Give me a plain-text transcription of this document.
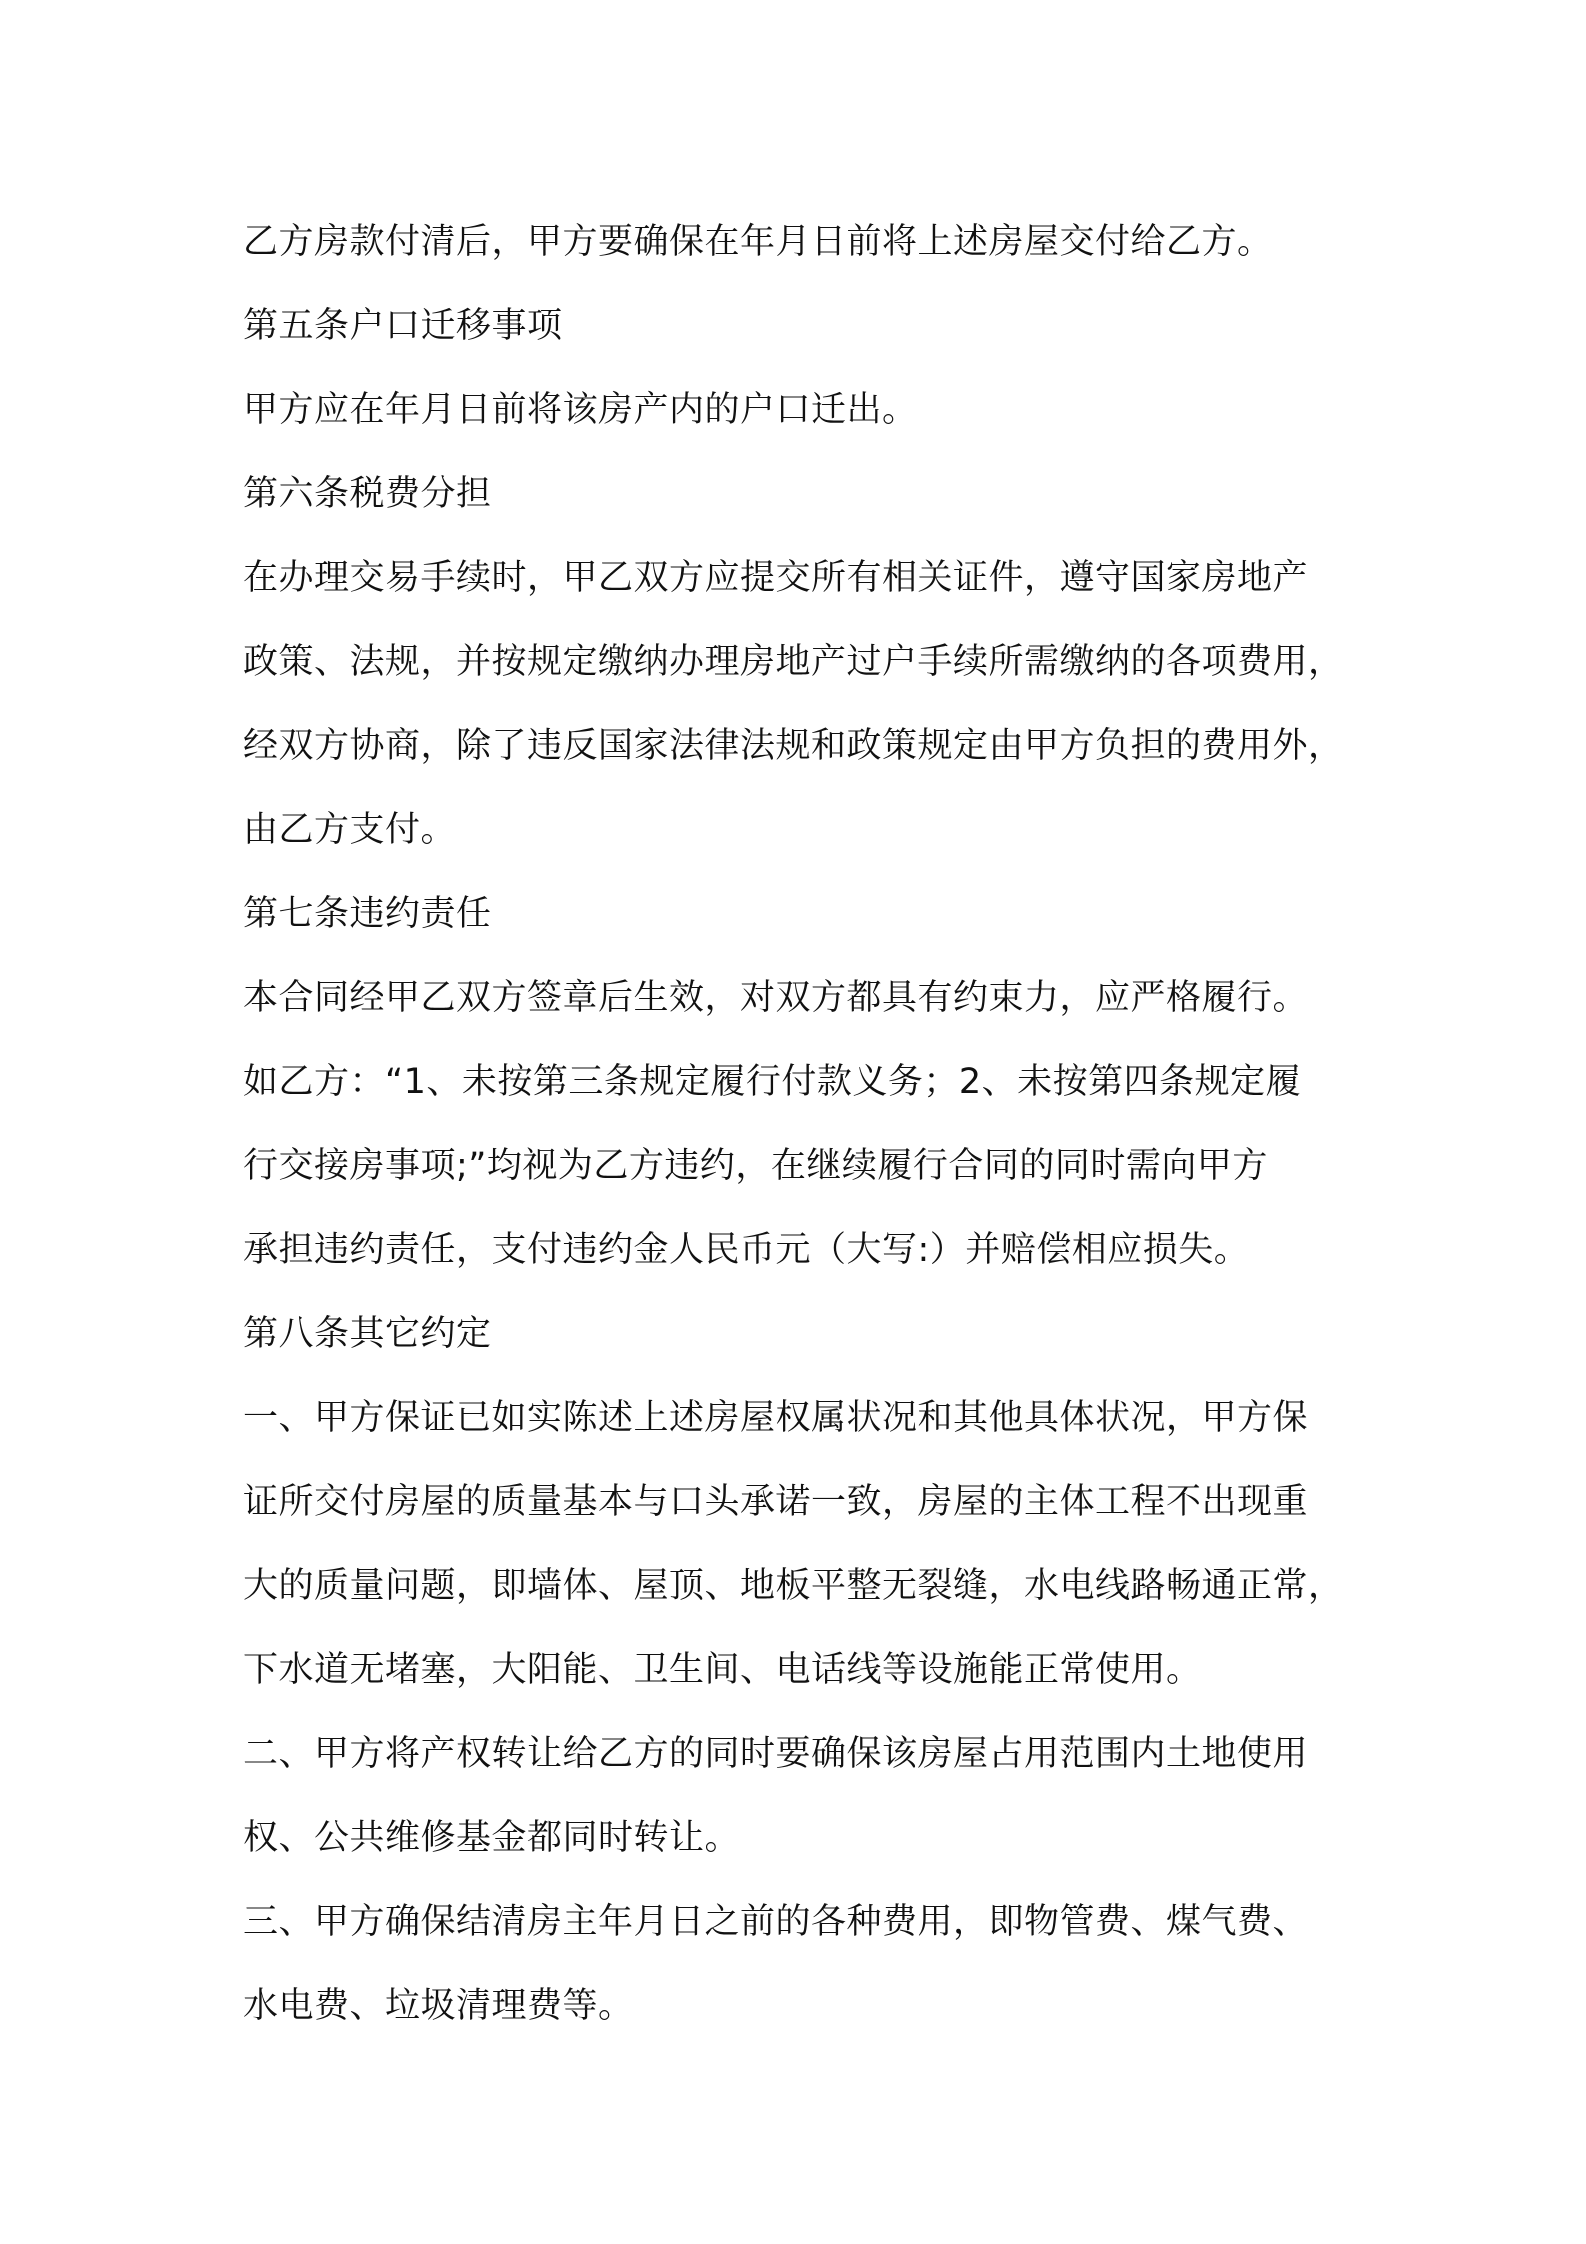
乙方房款付清后，甲方要确保在年月日前将上述房屋交付给乙方。
第五条户口迁移事项
甲方应在年月日前将该房产内的户口迁出。
第六条税费分担
在办理交易手续时，甲乙双方应提交所有相关证件，遵守国家房地产
政策、法规，并按规定缴纳办理房地产过户手续所需缴纳的各项费用，
经双方协商，除了违反国家法律法规和政策规定由甲方负担的费用外，
由乙方支付。
第七条违约责任
本合同经甲乙双方签章后生效，对双方都具有约束力，应严格履行。
如乙方：“1、未按第三条规定履行付款义务；2、未按第四条规定履
行交接房事项;”均视为乙方违约，在继续履行合同的同时需向甲方
承担违约责任，支付违约金人民币元（大写:）并赔偿相应损失。
第八条其它约定
一、甲方保证已如实陈述上述房屋权属状况和其他具体状况，甲方保
证所交付房屋的质量基本与口头承诺一致，房屋的主体工程不出现重
大的质量问题，即墙体、屋顶、地板平整无裂缝，水电线路畅通正常，
下水道无堵塞，大阳能、卫生间、电话线等设施能正常使用。
二、甲方将产权转让给乙方的同时要确保该房屋占用范围内土地使用
权、公共维修基金都同时转让。
三、甲方确保结清房主年月日之前的各种费用，即物管费、煤气费、
水电费、垃圾清理费等。
